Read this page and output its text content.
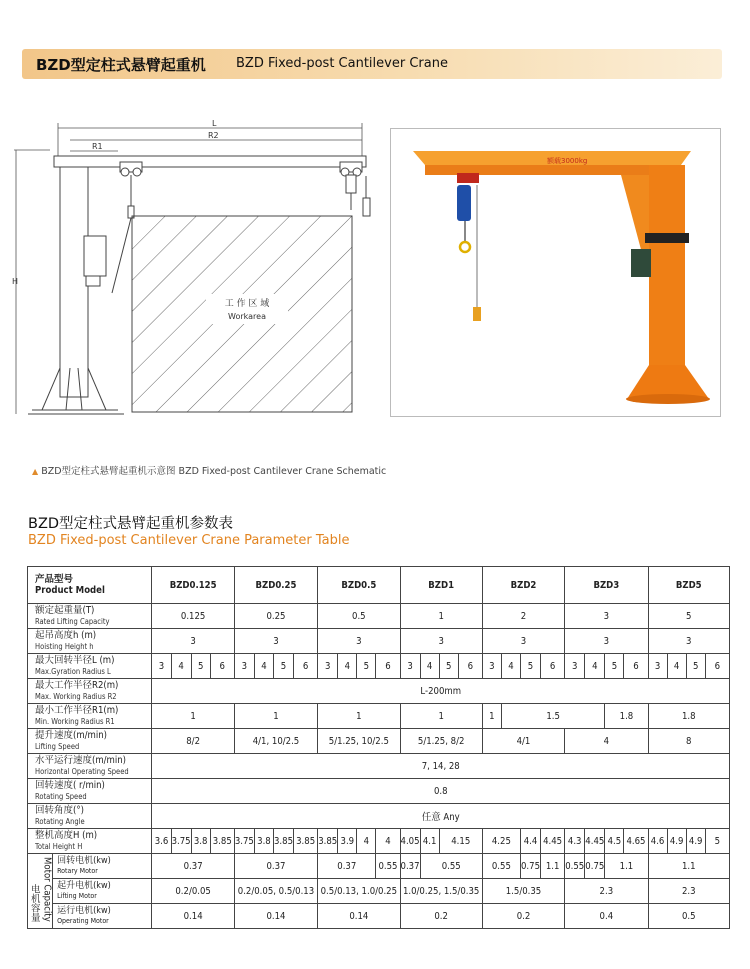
BZD型定柱式悬臂起重机 BZD Fixed-post Cantilever Crane
L
R2
R1
H
工 作 区 域
Workarea
额载3000kg
▲ BZD型定柱式悬臂起重机示意图 BZD Fixed-post Cantilever Crane Schematic
BZD型定柱式悬臂起重机参数表
BZD Fixed-post Cantilever Crane Parameter Table
产品型号
Product Model		BZD0.125				BZD0.25				BZD0.5				BZD1				BZD2				BZD3				BZD5			

额定起重量(T)
Rated Lifting Capacity		0.125				0.25				0.5				1				2				3				5			

起吊高度h (m)
Hoisting Height h		3				3				3				3				3				3				3			

最大回转半径L (m)
Max.Gyration Radius L		3	4	5	6	3	4	5	6	3	4	5	6	3	4	5	6	3	4	5	6	3	4	5	6	3	4	5	6

最大工作半径R2(m)
Max. Working Radius R2		L-200mm																											

最小工作半径R1(m)
Min. Working Radius R1		1				1				1				1				1	1.5					1.8		1.8			

提升速度(m/min)
Lifting Speed		8/2				4/1, 10/2.5				5/1.25, 10/2.5				5/1.25, 8/2				4/1				4				8			

水平运行速度(m/min)
Horizontal Operating Speed		7, 14, 28																											

回转速度( r/min)
Rotating Speed		0.8																											

回转角度(°)
Rotating Angle		任意 Any																											

整机高度H (m)
Total Height H		3.6	3.75	3.8	3.85	3.75	3.8	3.85	3.85	3.85	3.9	4	4	4.05	4.1	4.15		4.25		4.4	4.45	4.3	4.45	4.5	4.65	4.6	4.9	4.9	5
电机容量 Motor Capacity	回转电机(kw)
Rotary Motor	0.37				0.37				0.37			0.55	0.37	0.55			0.55		0.75	1.1	0.55	0.75	1.1		1.1			

	起升电机(kw)
Lifting Motor	0.2/0.05				0.2/0.05, 0.5/0.13				0.5/0.13, 1.0/0.25				1.0/0.25, 1.5/0.35				1.5/0.35				2.3				2.3			

	运行电机(kw)
Operating Motor	0.14				0.14				0.14				0.2				0.2				0.4				0.5			
